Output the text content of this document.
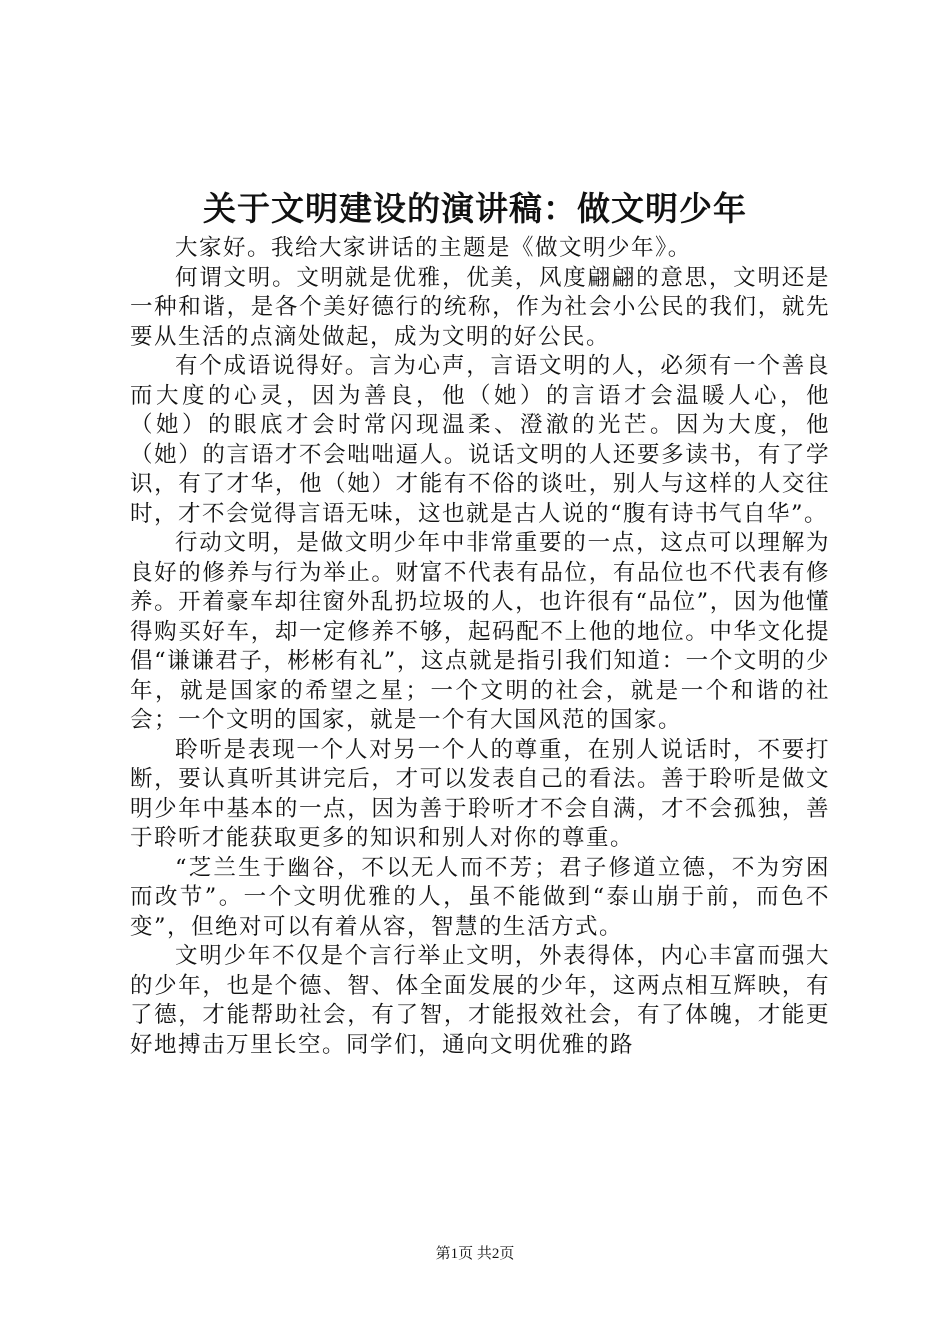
关于文明建设的演讲稿：做文明少年

大家好。我给大家讲话的主题是《做文明少年》。

何谓文明。文明就是优雅，优美，风度翩翩的意思，文明还是一种和谐，是各个美好德行的统称，作为社会小公民的我们，就先要从生活的点滴处做起，成为文明的好公民。

有个成语说得好。言为心声，言语文明的人，必须有一个善良而大度的心灵，因为善良，他（她）的言语才会温暖人心，他（她）的眼底才会时常闪现温柔、澄澈的光芒。因为大度，他（她）的言语才不会咄咄逼人。说话文明的人还要多读书，有了学识，有了才华，他（她）才能有不俗的谈吐，别人与这样的人交往时，才不会觉得言语无味，这也就是古人说的“腹有诗书气自华”。

行动文明，是做文明少年中非常重要的一点，这点可以理解为良好的修养与行为举止。财富不代表有品位，有品位也不代表有修养。开着豪车却往窗外乱扔垃圾的人，也许很有“品位”，因为他懂得购买好车，却一定修养不够，起码配不上他的地位。中华文化提倡“谦谦君子，彬彬有礼”，这点就是指引我们知道：一个文明的少年，就是国家的希望之星；一个文明的社会，就是一个和谐的社会；一个文明的国家，就是一个有大国风范的国家。

聆听是表现一个人对另一个人的尊重，在别人说话时，不要打断，要认真听其讲完后，才可以发表自己的看法。善于聆听是做文明少年中基本的一点，因为善于聆听才不会自满，才不会孤独，善于聆听才能获取更多的知识和别人对你的尊重。

“芝兰生于幽谷，不以无人而不芳；君子修道立德，不为穷困而改节”。一个文明优雅的人，虽不能做到“泰山崩于前，而色不变”，但绝对可以有着从容，智慧的生活方式。

文明少年不仅是个言行举止文明，外表得体，内心丰富而强大的少年，也是个德、智、体全面发展的少年，这两点相互辉映，有了德，才能帮助社会，有了智，才能报效社会，有了体魄，才能更好地搏击万里长空。同学们，通向文明优雅的路

第1页 共2页
